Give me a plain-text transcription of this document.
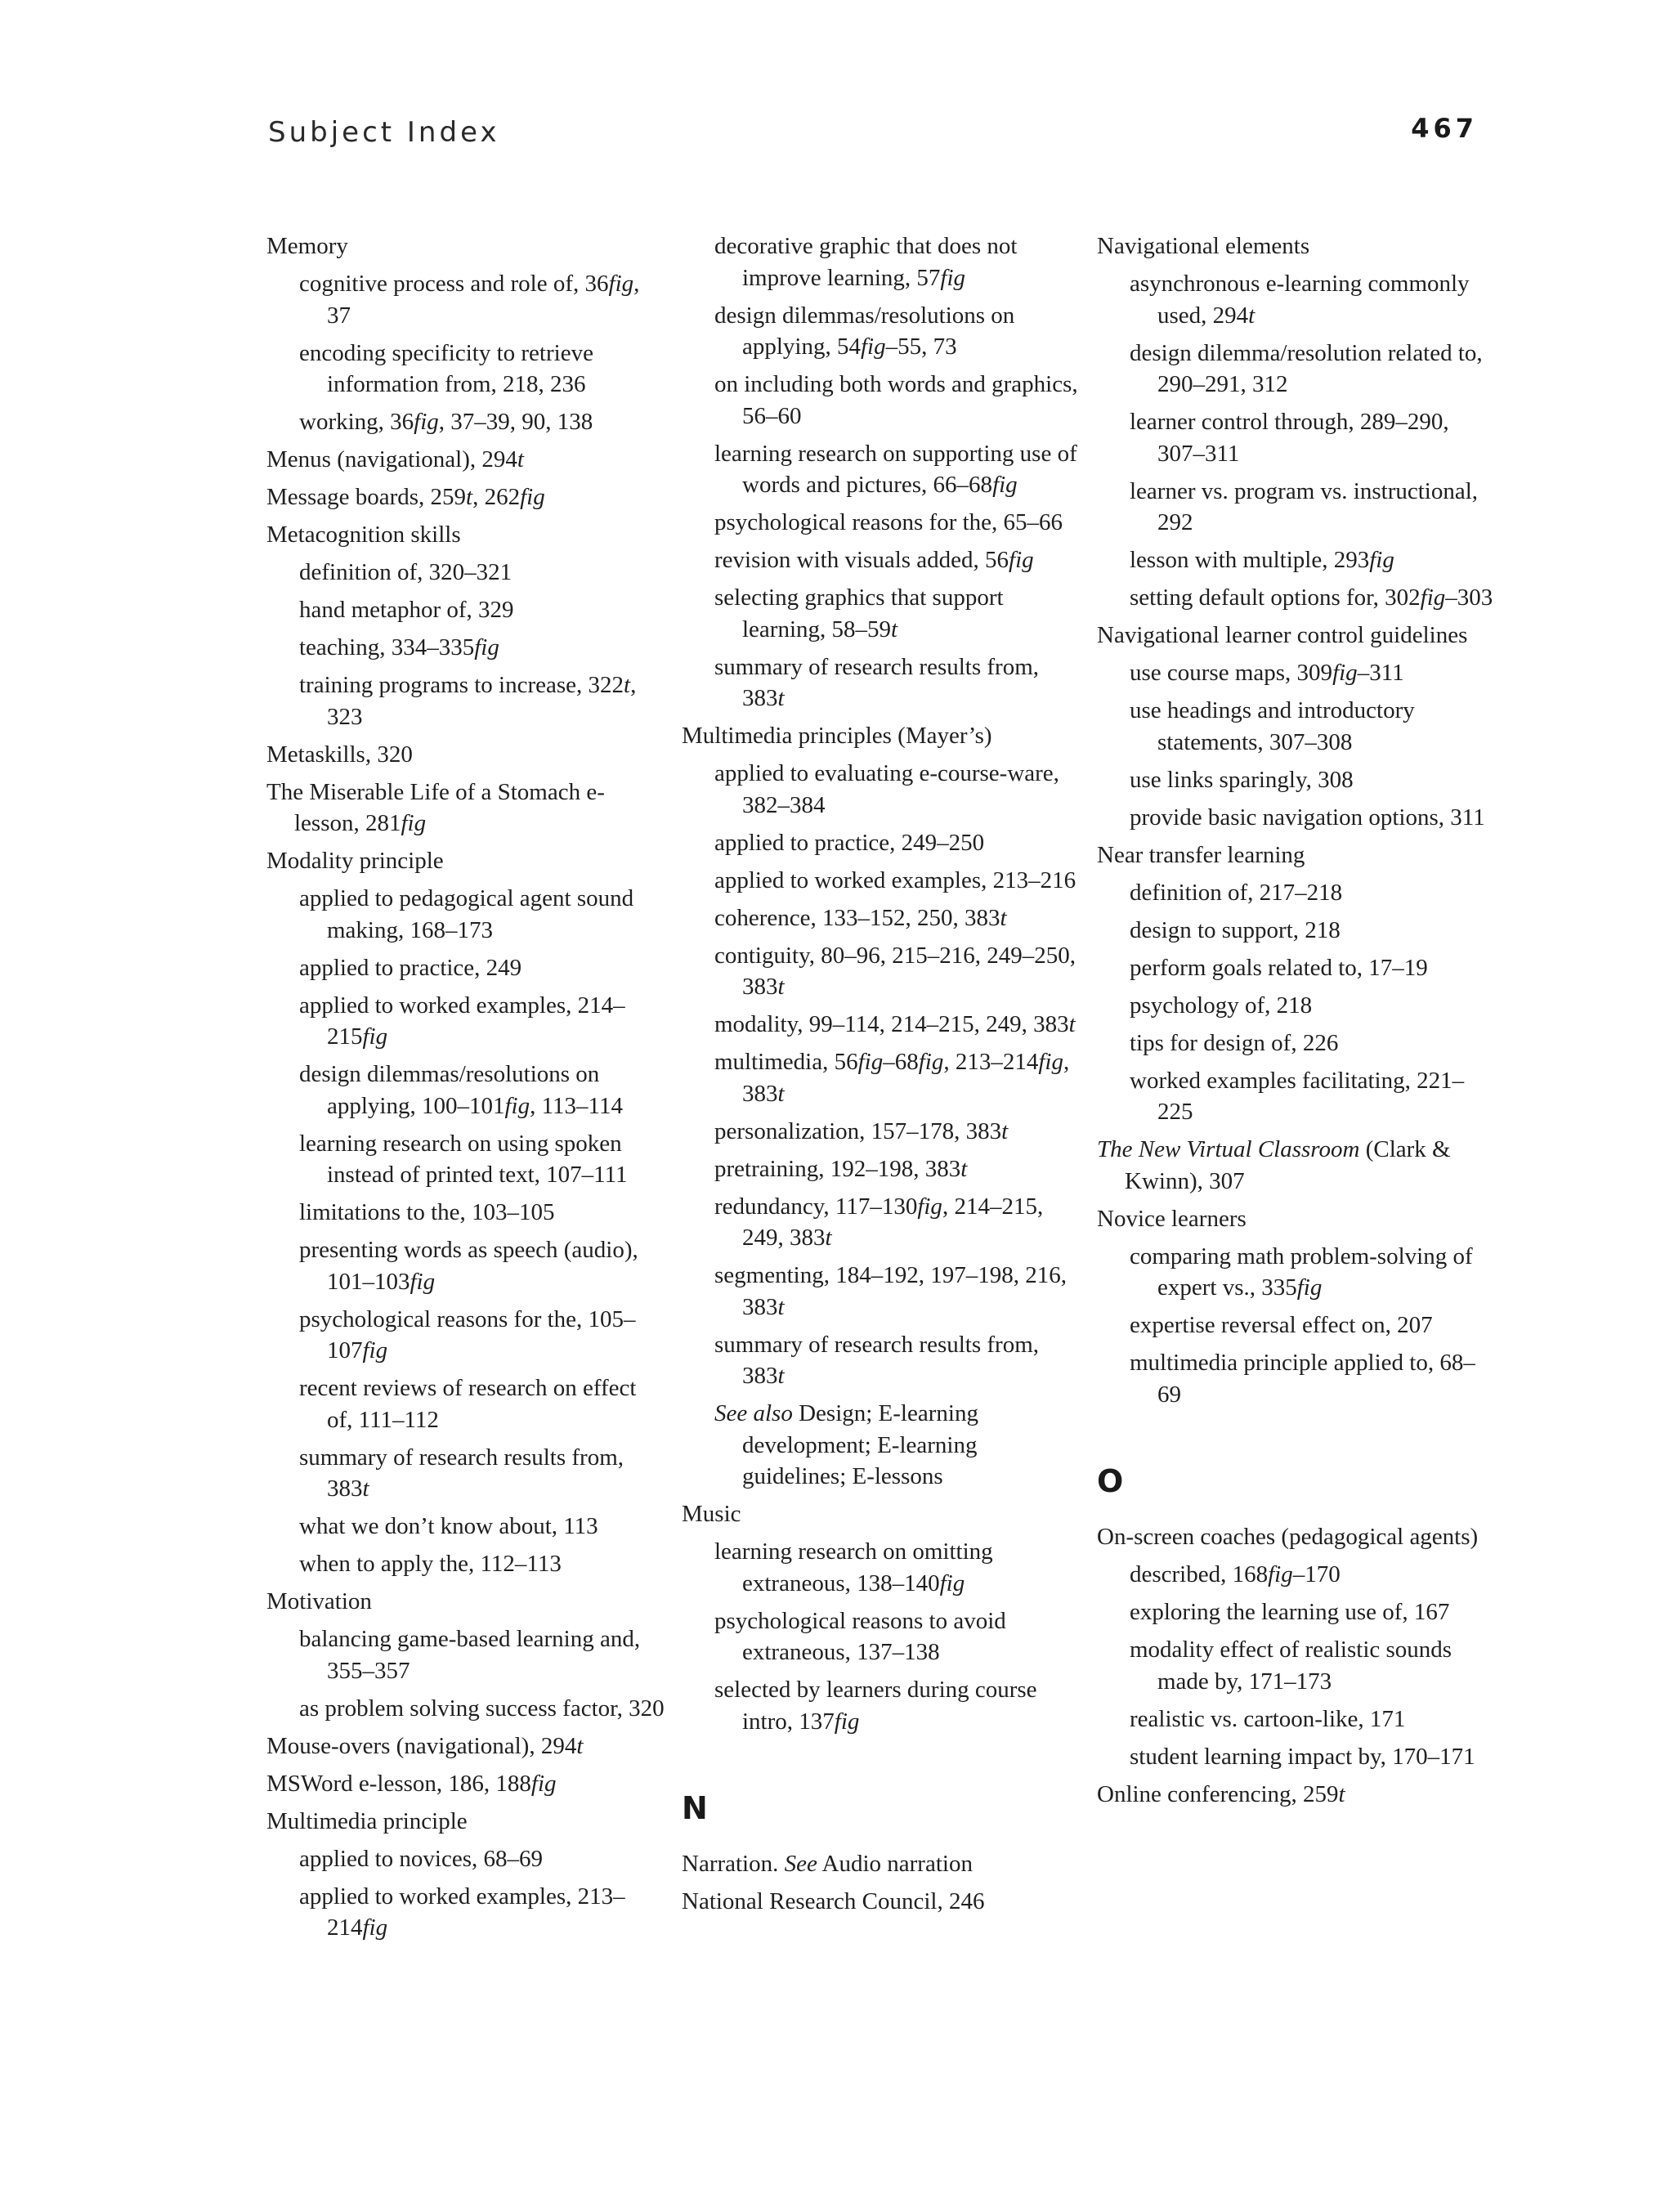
Subject Index	467
Memory
cognitive process and role of, 36fig, 37
encoding specificity to retrieve information from, 218, 236
working, 36fig, 37–39, 90, 138
Menus (navigational), 294t
Message boards, 259t, 262fig
Metacognition skills
definition of, 320–321
hand metaphor of, 329
teaching, 334–335fig
training programs to increase, 322t, 323
Metaskills, 320
The Miserable Life of a Stomach e-lesson, 281fig
Modality principle
applied to pedagogical agent sound making, 168–173
applied to practice, 249
applied to worked examples, 214–215fig
design dilemmas/resolutions on applying, 100–101fig, 113–114
learning research on using spoken instead of printed text, 107–111
limitations to the, 103–105
presenting words as speech (audio), 101–103fig
psychological reasons for the, 105–107fig
recent reviews of research on effect of, 111–112
summary of research results from, 383t
what we don’t know about, 113
when to apply the, 112–113
Motivation
balancing game-based learning and, 355–357
as problem solving success factor, 320
Mouse-overs (navigational), 294t
MSWord e-lesson, 186, 188fig
Multimedia principle
applied to novices, 68–69
applied to worked examples, 213–214fig
decorative graphic that does not improve learning, 57fig
design dilemmas/resolutions on applying, 54fig–55, 73
on including both words and graphics, 56–60
learning research on supporting use of words and pictures, 66–68fig
psychological reasons for the, 65–66
revision with visuals added, 56fig
selecting graphics that support learning, 58–59t
summary of research results from, 383t
Multimedia principles (Mayer’s)
applied to evaluating e-course-ware, 382–384
applied to practice, 249–250
applied to worked examples, 213–216
coherence, 133–152, 250, 383t
contiguity, 80–96, 215–216, 249–250, 383t
modality, 99–114, 214–215, 249, 383t
multimedia, 56fig–68fig, 213–214fig, 383t
personalization, 157–178, 383t
pretraining, 192–198, 383t
redundancy, 117–130fig, 214–215, 249, 383t
segmenting, 184–192, 197–198, 216, 383t
summary of research results from, 383t
See also Design; E-learning development; E-learning guidelines; E-lessons
Music
learning research on omitting extraneous, 138–140fig
psychological reasons to avoid extraneous, 137–138
selected by learners during course intro, 137fig
N
Narration. See Audio narration
National Research Council, 246
Navigational elements
asynchronous e-learning commonly used, 294t
design dilemma/resolution related to, 290–291, 312
learner control through, 289–290, 307–311
learner vs. program vs. instructional, 292
lesson with multiple, 293fig
setting default options for, 302fig–303
Navigational learner control guidelines
use course maps, 309fig–311
use headings and introductory statements, 307–308
use links sparingly, 308
provide basic navigation options, 311
Near transfer learning
definition of, 217–218
design to support, 218
perform goals related to, 17–19
psychology of, 218
tips for design of, 226
worked examples facilitating, 221–225
The New Virtual Classroom (Clark & Kwinn), 307
Novice learners
comparing math problem-solving of expert vs., 335fig
expertise reversal effect on, 207
multimedia principle applied to, 68–69
O
On-screen coaches (pedagogical agents)
described, 168fig–170
exploring the learning use of, 167
modality effect of realistic sounds made by, 171–173
realistic vs. cartoon-like, 171
student learning impact by, 170–171
Online conferencing, 259t
